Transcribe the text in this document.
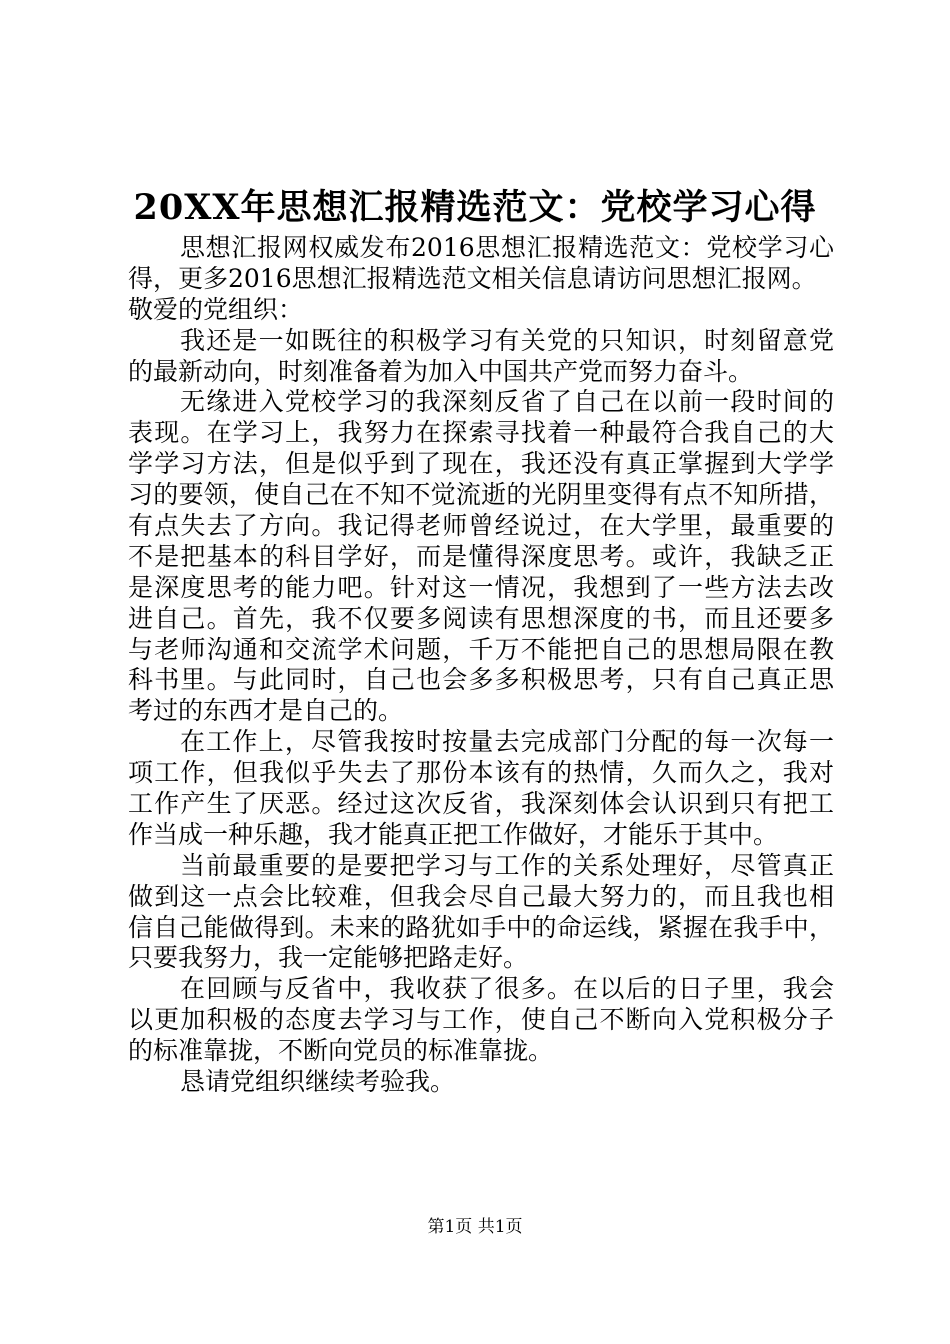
20XX年思想汇报精选范文：党校学习心得
思想汇报网权威发布2016思想汇报精选范文：党校学习心
得，更多2016思想汇报精选范文相关信息请访问思想汇报网。
敬爱的党组织：
我还是一如既往的积极学习有关党的只知识，时刻留意党
的最新动向，时刻准备着为加入中国共产党而努力奋斗。
无缘进入党校学习的我深刻反省了自己在以前一段时间的
表现。在学习上，我努力在探索寻找着一种最符合我自己的大
学学习方法，但是似乎到了现在，我还没有真正掌握到大学学
习的要领，使自己在不知不觉流逝的光阴里变得有点不知所措，
有点失去了方向。我记得老师曾经说过，在大学里，最重要的
不是把基本的科目学好，而是懂得深度思考。或许，我缺乏正
是深度思考的能力吧。针对这一情况，我想到了一些方法去改
进自己。首先，我不仅要多阅读有思想深度的书，而且还要多
与老师沟通和交流学术问题，千万不能把自己的思想局限在教
科书里。与此同时，自己也会多多积极思考，只有自己真正思
考过的东西才是自己的。
在工作上，尽管我按时按量去完成部门分配的每一次每一
项工作，但我似乎失去了那份本该有的热情，久而久之，我对
工作产生了厌恶。经过这次反省，我深刻体会认识到只有把工
作当成一种乐趣，我才能真正把工作做好，才能乐于其中。
当前最重要的是要把学习与工作的关系处理好，尽管真正
做到这一点会比较难，但我会尽自己最大努力的，而且我也相
信自己能做得到。未来的路犹如手中的命运线，紧握在我手中，
只要我努力，我一定能够把路走好。
在回顾与反省中，我收获了很多。在以后的日子里，我会
以更加积极的态度去学习与工作，使自己不断向入党积极分子
的标准靠拢，不断向党员的标准靠拢。
恳请党组织继续考验我。
第1页 共1页
